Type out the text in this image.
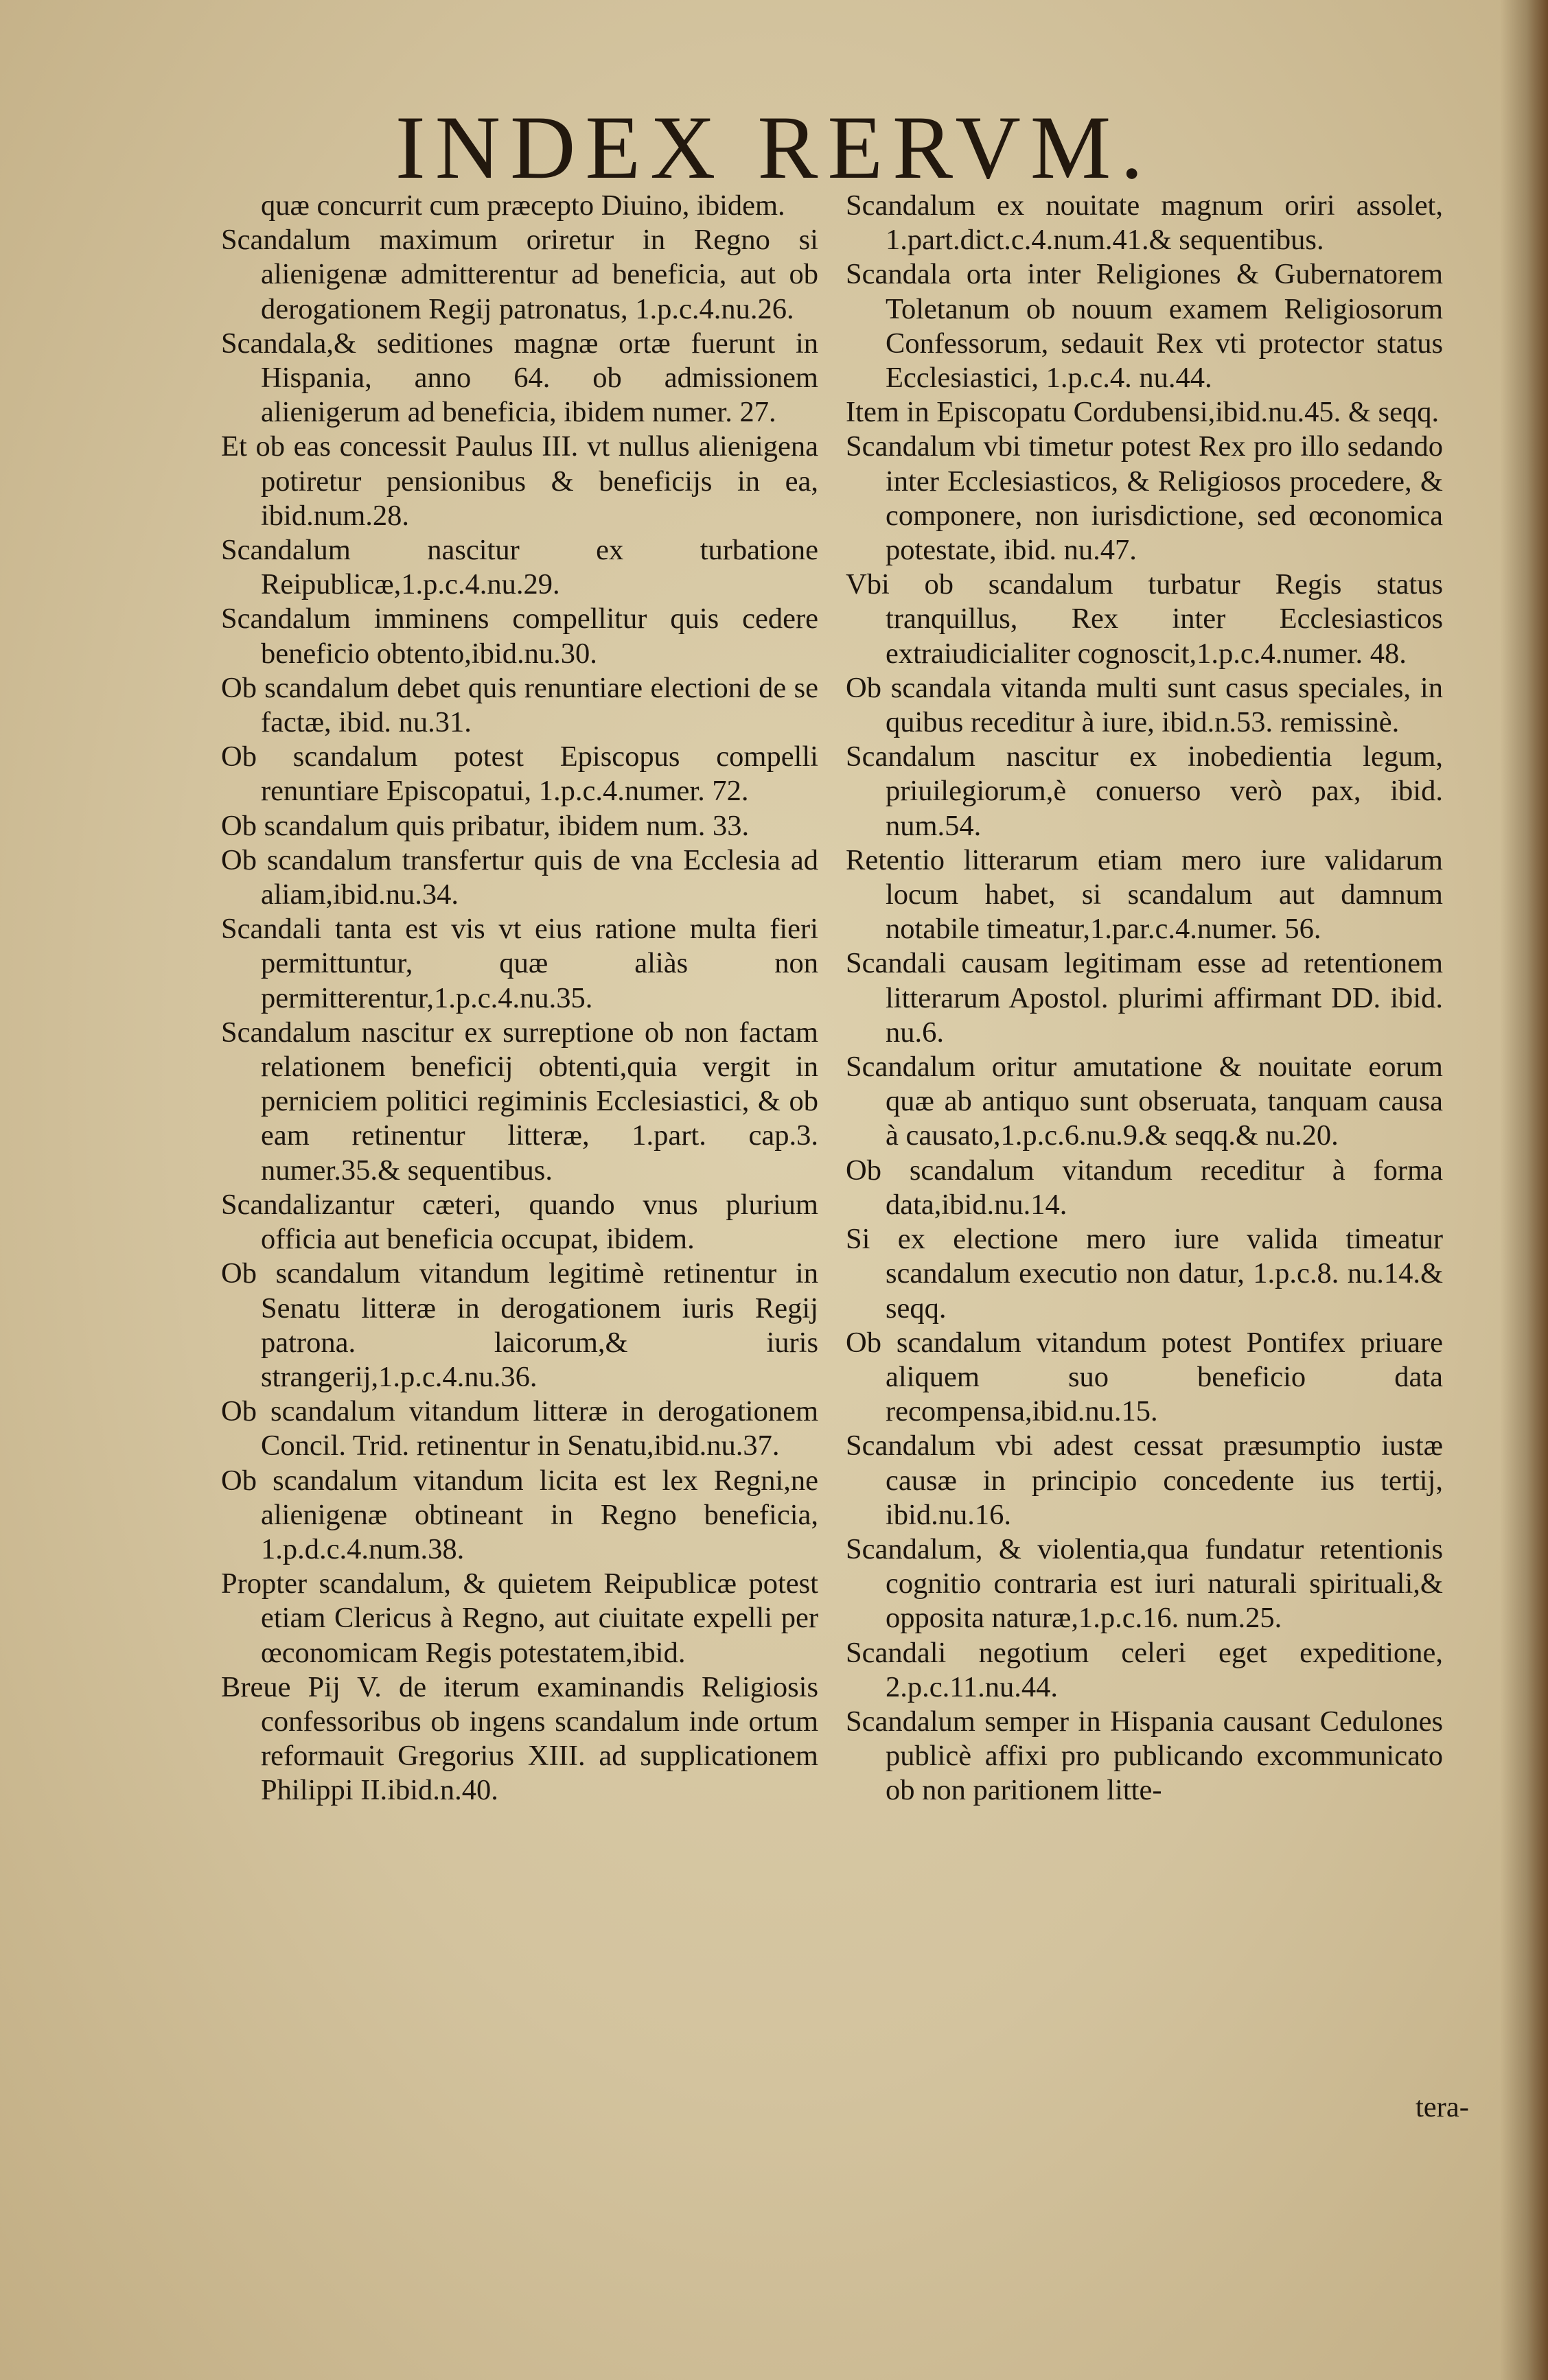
INDEX RERVM.

quæ concurrit cum præcepto Diuino, ibidem.

Scandalum maximum oriretur in Regno si alienigenæ admitterentur ad beneficia, aut ob derogationem Regij patronatus, 1.p.c.4.nu.26.

Scandala,& seditiones magnæ ortæ fuerunt in Hispania, anno 64. ob admissionem alienigerum ad beneficia, ibidem numer. 27.

Et ob eas concessit Paulus III. vt nullus alienigena potiretur pensionibus & beneficijs in ea, ibid.num.28.

Scandalum nascitur ex turbatione Reipublicæ,1.p.c.4.nu.29.

Scandalum imminens compellitur quis cedere beneficio obtento,ibid.nu.30.

Ob scandalum debet quis renuntiare electioni de se factæ, ibid. nu.31.

Ob scandalum potest Episcopus compelli renuntiare Episcopatui, 1.p.c.4.numer. 72.

Ob scandalum quis pribatur, ibidem num. 33.

Ob scandalum transfertur quis de vna Ecclesia ad aliam,ibid.nu.34.

Scandali tanta est vis vt eius ratione multa fieri permittuntur, quæ aliàs non permitterentur,1.p.c.4.nu.35.

Scandalum nascitur ex surreptione ob non factam relationem beneficij obtenti,quia vergit in perniciem politici regiminis Ecclesiastici, & ob eam retinentur litteræ, 1.part. cap.3. numer.35.& sequentibus.

Scandalizantur cæteri, quando vnus plurium officia aut beneficia occupat, ibidem.

Ob scandalum vitandum legitimè retinentur in Senatu litteræ in derogationem iuris Regij patrona. laicorum,& iuris strangerij,1.p.c.4.nu.36.

Ob scandalum vitandum litteræ in derogationem Concil. Trid. retinentur in Senatu,ibid.nu.37.

Ob scandalum vitandum licita est lex Regni,ne alienigenæ obtineant in Regno beneficia, 1.p.d.c.4.num.38.

Propter scandalum, & quietem Reipublicæ potest etiam Clericus à Regno, aut ciuitate expelli per œconomicam Regis potestatem,ibid.

Breue Pij V. de iterum examinandis Religiosis confessoribus ob ingens scandalum inde ortum reformauit Gregorius XIII. ad supplicationem Philippi II.ibid.n.40.

Scandalum ex nouitate magnum oriri assolet, 1.part.dict.c.4.num.41.& sequentibus.

Scandala orta inter Religiones & Gubernatorem Toletanum ob nouum examem Religiosorum Confessorum, sedauit Rex vti protector status Ecclesiastici, 1.p.c.4. nu.44.

Item in Episcopatu Cordubensi,ibid.nu.45. & seqq.

Scandalum vbi timetur potest Rex pro illo sedando inter Ecclesiasticos, & Religiosos procedere, & componere, non iurisdictione, sed œconomica potestate, ibid. nu.47.

Vbi ob scandalum turbatur Regis status tranquillus, Rex inter Ecclesiasticos extraiudicialiter cognoscit,1.p.c.4.numer. 48.

Ob scandala vitanda multi sunt casus speciales, in quibus receditur à iure, ibid.n.53. remissinè.

Scandalum nascitur ex inobedientia legum, priuilegiorum,è conuerso verò pax, ibid. num.54.

Retentio litterarum etiam mero iure validarum locum habet, si scandalum aut damnum notabile timeatur,1.par.c.4.numer. 56.

Scandali causam legitimam esse ad retentionem litterarum Apostol. plurimi affirmant DD. ibid. nu.6.

Scandalum oritur amutatione & nouitate eorum quæ ab antiquo sunt obseruata, tanquam causa à causato,1.p.c.6.nu.9.& seqq.& nu.20.

Ob scandalum vitandum receditur à forma data,ibid.nu.14.

Si ex electione mero iure valida timeatur scandalum executio non datur, 1.p.c.8. nu.14.& seqq.

Ob scandalum vitandum potest Pontifex priuare aliquem suo beneficio data recompensa,ibid.nu.15.

Scandalum vbi adest cessat præsumptio iustæ causæ in principio concedente ius tertij, ibid.nu.16.

Scandalum, & violentia,qua fundatur retentionis cognitio contraria est iuri naturali spirituali,& opposita naturæ,1.p.c.16. num.25.

Scandali negotium celeri eget expeditione, 2.p.c.11.nu.44.

Scandalum semper in Hispania causant Cedulones publicè affixi pro publicando excommunicato ob non paritionem litte-

tera-
